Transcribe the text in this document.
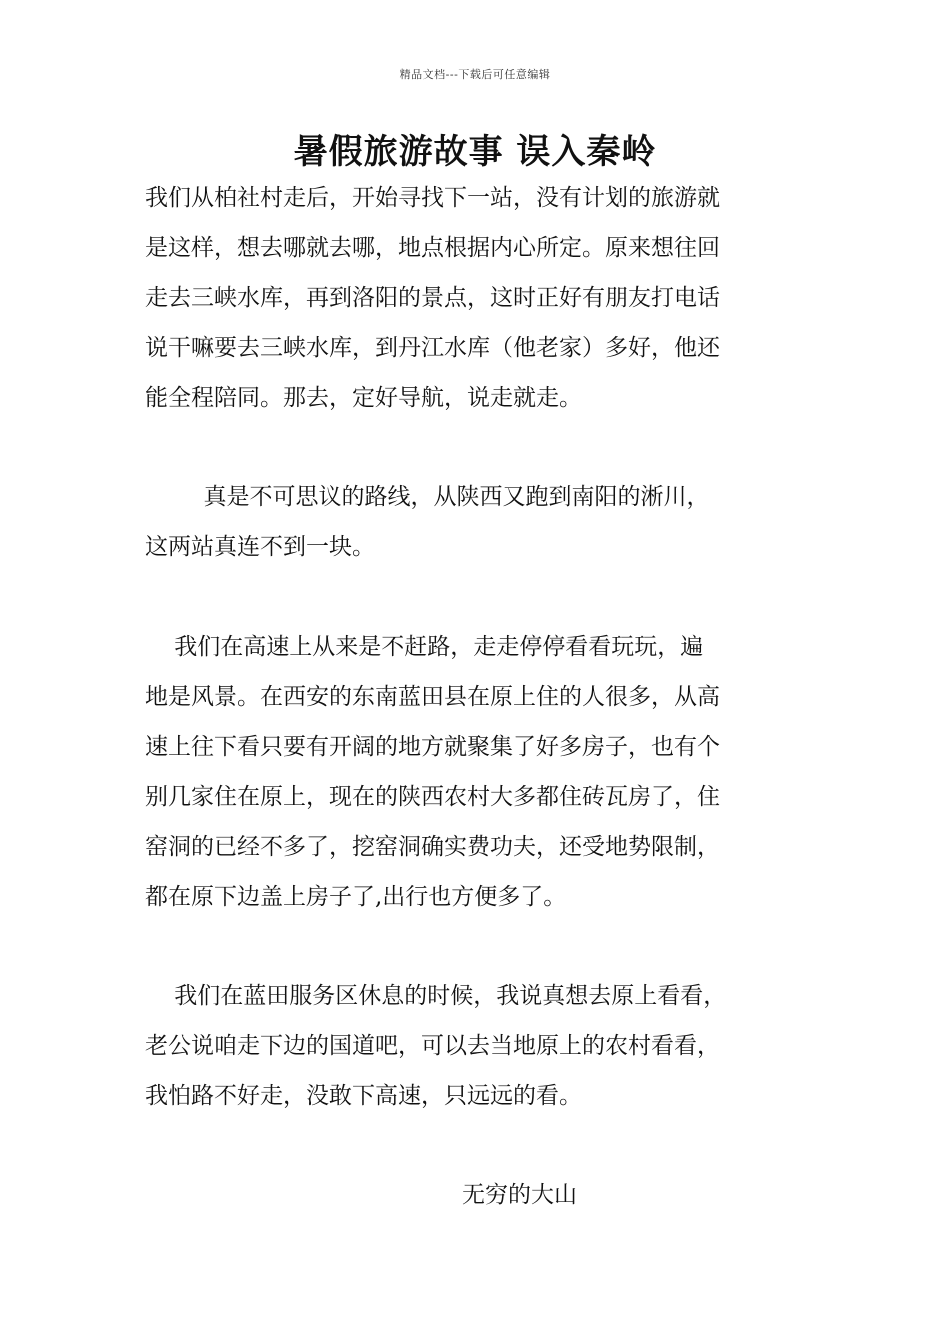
精品文档---下载后可任意编辑
暑假旅游故事 误入秦岭
我们从柏社村走后，开始寻找下一站，没有计划的旅游就
是这样，想去哪就去哪，地点根据内心所定。原来想往回
走去三峡水库，再到洛阳的景点，这时正好有朋友打电话
说干嘛要去三峡水库，到丹江水库（他老家）多好，他还
能全程陪同。那去，定好导航，说走就走。
真是不可思议的路线，从陕西又跑到南阳的淅川，
这两站真连不到一块。
我们在高速上从来是不赶路，走走停停看看玩玩，遍
地是风景。在西安的东南蓝田县在原上住的人很多，从高
速上往下看只要有开阔的地方就聚集了好多房子，也有个
别几家住在原上，现在的陕西农村大多都住砖瓦房了，住
窑洞的已经不多了，挖窑洞确实费功夫，还受地势限制，
都在原下边盖上房子了,出行也方便多了。
我们在蓝田服务区休息的时候，我说真想去原上看看，
老公说咱走下边的国道吧，可以去当地原上的农村看看，
我怕路不好走，没敢下高速，只远远的看。
无穷的大山
